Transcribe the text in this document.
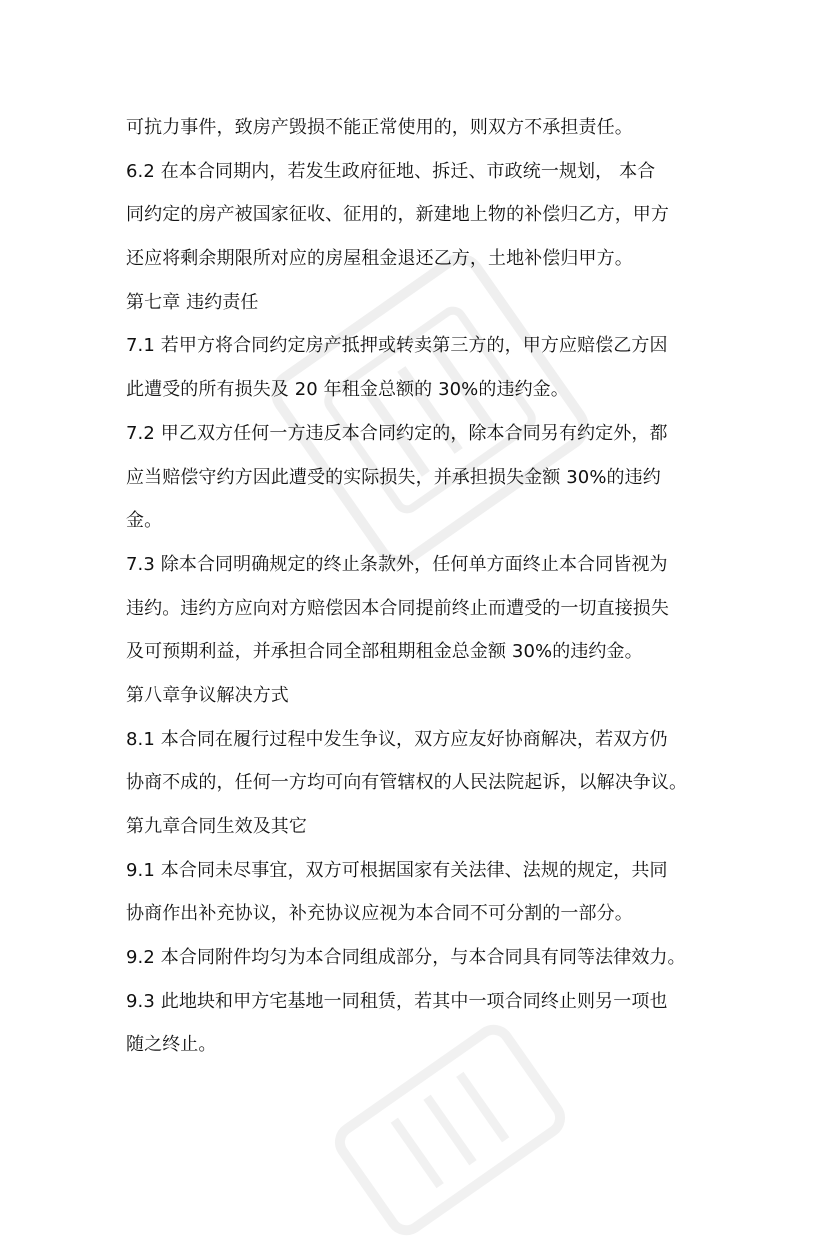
可抗力事件，致房产毁损不能正常使用的，则双方不承担责任。
6.2 在本合同期内，若发生政府征地、拆迁、市政统一规划， 本合
同约定的房产被国家征收、征用的，新建地上物的补偿归乙方，甲方
还应将剩余期限所对应的房屋租金退还乙方，土地补偿归甲方。
第七章 违约责任
7.1 若甲方将合同约定房产抵押或转卖第三方的，甲方应赔偿乙方因
此遭受的所有损失及 20 年租金总额的 30%的违约金。
7.2 甲乙双方任何一方违反本合同约定的，除本合同另有约定外，都
应当赔偿守约方因此遭受的实际损失，并承担损失金额 30%的违约
金。
7.3 除本合同明确规定的终止条款外，任何单方面终止本合同皆视为
违约。违约方应向对方赔偿因本合同提前终止而遭受的一切直接损失
及可预期利益，并承担合同全部租期租金总金额 30%的违约金。
第八章争议解决方式
8.1 本合同在履行过程中发生争议，双方应友好协商解决，若双方仍
协商不成的，任何一方均可向有管辖权的人民法院起诉，以解决争议。
第九章合同生效及其它
9.1 本合同未尽事宜，双方可根据国家有关法律、法规的规定，共同
协商作出补充协议，补充协议应视为本合同不可分割的一部分。
9.2 本合同附件均匀为本合同组成部分，与本合同具有同等法律效力。
9.3 此地块和甲方宅基地一同租赁，若其中一项合同终止则另一项也
随之终止。
